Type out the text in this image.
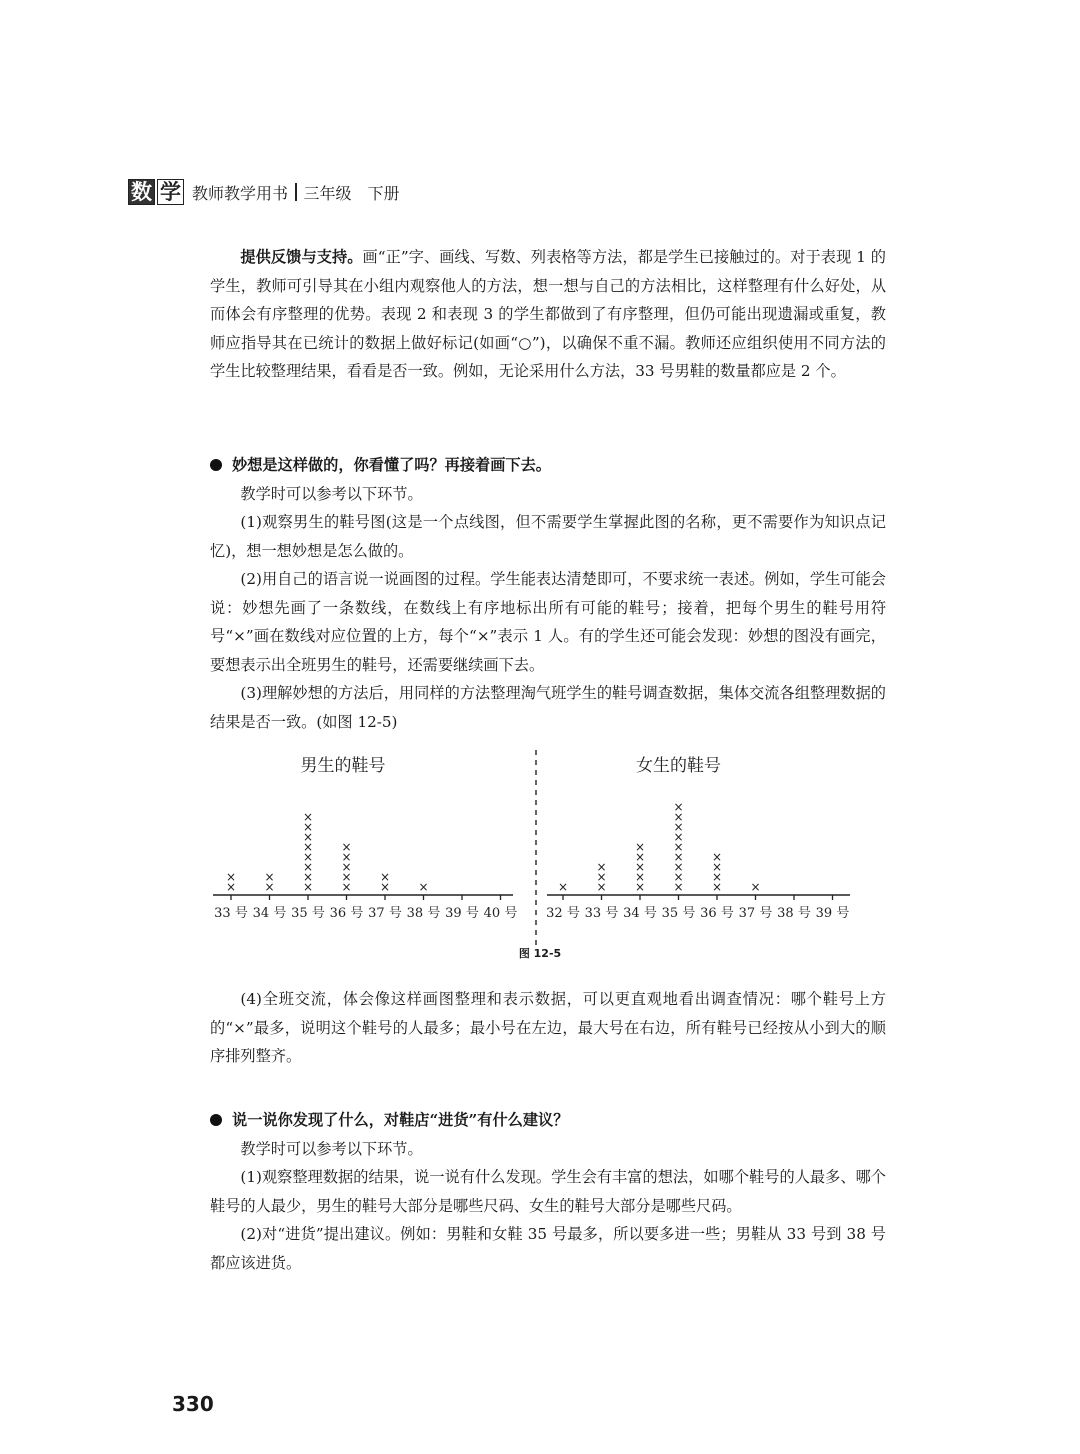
数 学 教师教学用书 三年级 下册

提供反馈与支持。画“正”字、画线、写数、列表格等方法，都是学生已接触过的。对于表现 1 的学生，教师可引导其在小组内观察他人的方法，想一想与自己的方法相比，这样整理有什么好处，从而体会有序整理的优势。表现 2 和表现 3 的学生都做到了有序整理，但仍可能出现遗漏或重复，教师应指导其在已统计的数据上做好标记(如画“○”)，以确保不重不漏。教师还应组织使用不同方法的学生比较整理结果，看看是否一致。例如，无论采用什么方法，33 号男鞋的数量都应是 2 个。

妙想是这样做的，你看懂了吗？再接着画下去。

教学时可以参考以下环节。

(1)观察男生的鞋号图(这是一个点线图，但不需要学生掌握此图的名称，更不需要作为知识点记忆)，想一想妙想是怎么做的。

(2)用自己的语言说一说画图的过程。学生能表达清楚即可，不要求统一表述。例如，学生可能会说：妙想先画了一条数线，在数线上有序地标出所有可能的鞋号；接着，把每个男生的鞋号用符号“×”画在数线对应位置的上方，每个“×”表示 1 人。有的学生还可能会发现：妙想的图没有画完，要想表示出全班男生的鞋号，还需要继续画下去。

(3)理解妙想的方法后，用同样的方法整理淘气班学生的鞋号调查数据，集体交流各组整理数据的结果是否一致。(如图 12-5)

男生的鞋号
33 号
×
×
34 号
×
×
35 号
×
×
×
×
×
×
×
×
36 号
×
×
×
×
×
37 号
×
×
38 号
×
39 号 40 号
女生的鞋号
32 号
×
33 号
×
×
×
34 号
×
×
×
×
×
35 号
×
×
×
×
×
×
×
×
×
36 号
×
×
×
×
37 号
×
38 号 39 号
图 12-5

(4)全班交流，体会像这样画图整理和表示数据，可以更直观地看出调查情况：哪个鞋号上方的“×”最多，说明这个鞋号的人最多；最小号在左边，最大号在右边，所有鞋号已经按从小到大的顺序排列整齐。

说一说你发现了什么，对鞋店“进货”有什么建议？

教学时可以参考以下环节。

(1)观察整理数据的结果，说一说有什么发现。学生会有丰富的想法，如哪个鞋号的人最多、哪个鞋号的人最少，男生的鞋号大部分是哪些尺码、女生的鞋号大部分是哪些尺码。

(2)对“进货”提出建议。例如：男鞋和女鞋 35 号最多，所以要多进一些；男鞋从 33 号到 38 号都应该进货。

330
